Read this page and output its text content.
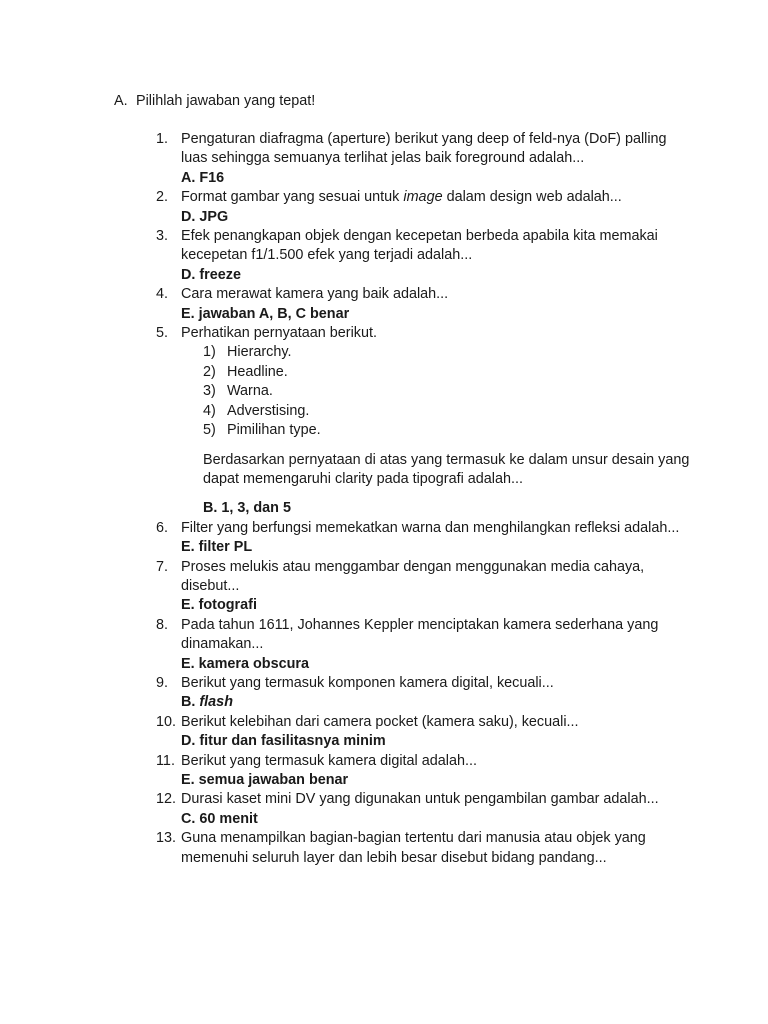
A. Pilihlah jawaban yang tepat!
1. Pengaturan diafragma (aperture) berikut yang deep of feld-nya (DoF) palling luas sehingga semuanya terlihat jelas baik foreground adalah...
A. F16
2. Format gambar yang sesuai untuk image dalam design web adalah...
D. JPG
3. Efek penangkapan objek dengan kecepetan berbeda apabila kita memakai kecepetan f1/1.500 efek yang terjadi adalah...
D. freeze
4. Cara merawat kamera yang baik adalah...
E. jawaban A, B, C benar
5. Perhatikan pernyataan berikut.
1) Hierarchy.
2) Headline.
3) Warna.
4) Adverstising.
5) Pimilihan type.
Berdasarkan pernyataan di atas yang termasuk ke dalam unsur desain yang dapat memengaruhi clarity pada tipografi adalah...
B. 1, 3, dan 5
6. Filter yang berfungsi memekatkan warna dan menghilangkan refleksi adalah...
E. filter PL
7. Proses melukis atau menggambar dengan menggunakan media cahaya, disebut...
E. fotografi
8. Pada tahun 1611, Johannes Keppler menciptakan kamera sederhana yang dinamakan...
E. kamera obscura
9. Berikut yang termasuk komponen kamera digital, kecuali...
B. flash
10. Berikut kelebihan dari camera pocket (kamera saku), kecuali...
D. fitur dan fasilitasnya minim
11. Berikut yang termasuk kamera digital adalah...
E. semua jawaban benar
12. Durasi kaset mini DV yang digunakan untuk pengambilan gambar adalah...
C. 60 menit
13. Guna menampilkan bagian-bagian tertentu dari manusia atau objek yang memenuhi seluruh layer dan lebih besar disebut bidang pandang...
